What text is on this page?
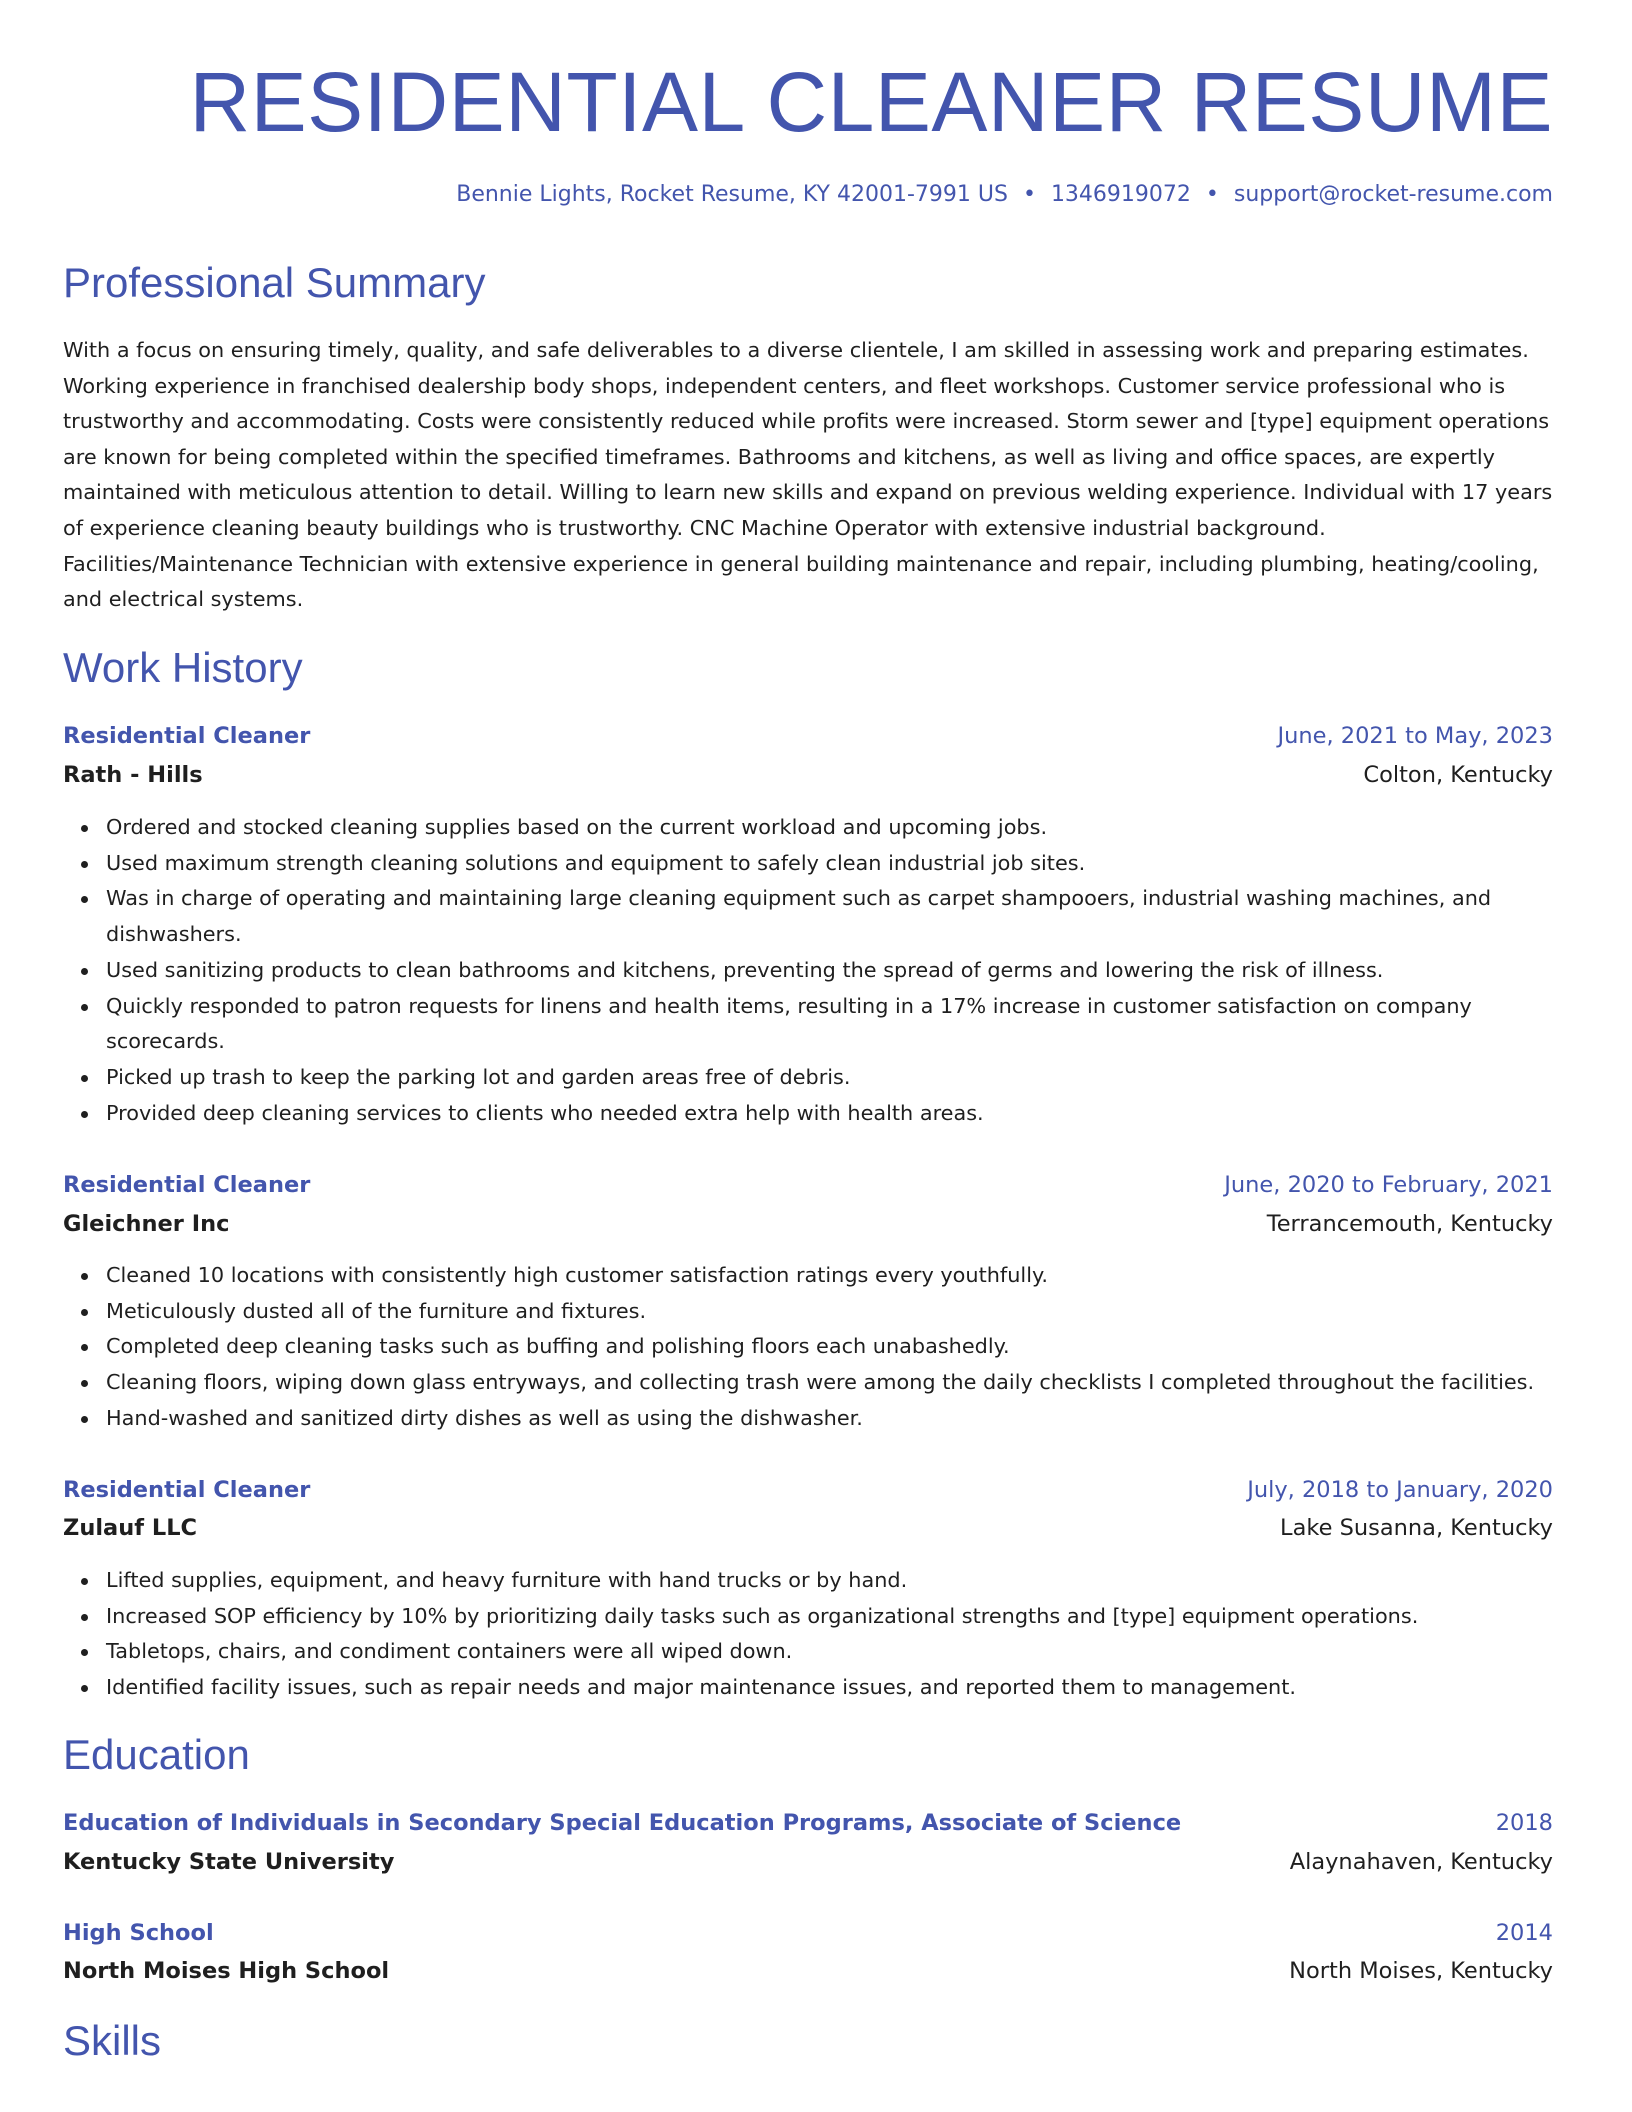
RESIDENTIAL CLEANER RESUME
Bennie Lights, Rocket Resume, KY 42001-7991 US • 1346919072 • support@rocket-resume.com
Professional Summary

With a focus on ensuring timely, quality, and safe deliverables to a diverse clientele, I am skilled in assessing work and preparing estimates. Working experience in franchised dealership body shops, independent centers, and fleet workshops. Customer service professional who is trustworthy and accommodating. Costs were consistently reduced while profits were increased. Storm sewer and [type] equipment operations are known for being completed within the specified timeframes. Bathrooms and kitchens, as well as living and office spaces, are expertly maintained with meticulous attention to detail. Willing to learn new skills and expand on previous welding experience. Individual with 17 years of experience cleaning beauty buildings who is trustworthy. CNC Machine Operator with extensive industrial background. Facilities/Maintenance Technician with extensive experience in general building maintenance and repair, including plumbing, heating/cooling, and electrical systems.

Work History
Residential Cleaner	June, 2021 to May, 2023
Rath - Hills	Colton, Kentucky
Ordered and stocked cleaning supplies based on the current workload and upcoming jobs.
Used maximum strength cleaning solutions and equipment to safely clean industrial job sites.
Was in charge of operating and maintaining large cleaning equipment such as carpet shampooers, industrial washing machines, and dishwashers.
Used sanitizing products to clean bathrooms and kitchens, preventing the spread of germs and lowering the risk of illness.
Quickly responded to patron requests for linens and health items, resulting in a 17% increase in customer satisfaction on company scorecards.
Picked up trash to keep the parking lot and garden areas free of debris.
Provided deep cleaning services to clients who needed extra help with health areas.
Residential Cleaner	June, 2020 to February, 2021
Gleichner Inc	Terrancemouth, Kentucky
Cleaned 10 locations with consistently high customer satisfaction ratings every youthfully.
Meticulously dusted all of the furniture and fixtures.
Completed deep cleaning tasks such as buffing and polishing floors each unabashedly.
Cleaning floors, wiping down glass entryways, and collecting trash were among the daily checklists I completed throughout the facilities.
Hand-washed and sanitized dirty dishes as well as using the dishwasher.
Residential Cleaner	July, 2018 to January, 2020
Zulauf LLC	Lake Susanna, Kentucky
Lifted supplies, equipment, and heavy furniture with hand trucks or by hand.
Increased SOP efficiency by 10% by prioritizing daily tasks such as organizational strengths and [type] equipment operations.
Tabletops, chairs, and condiment containers were all wiped down.
Identified facility issues, such as repair needs and major maintenance issues, and reported them to management.
Education
Education of Individuals in Secondary Special Education Programs, Associate of Science	2018
Kentucky State University	Alaynahaven, Kentucky
High School	2014
North Moises High School	North Moises, Kentucky
Skills
